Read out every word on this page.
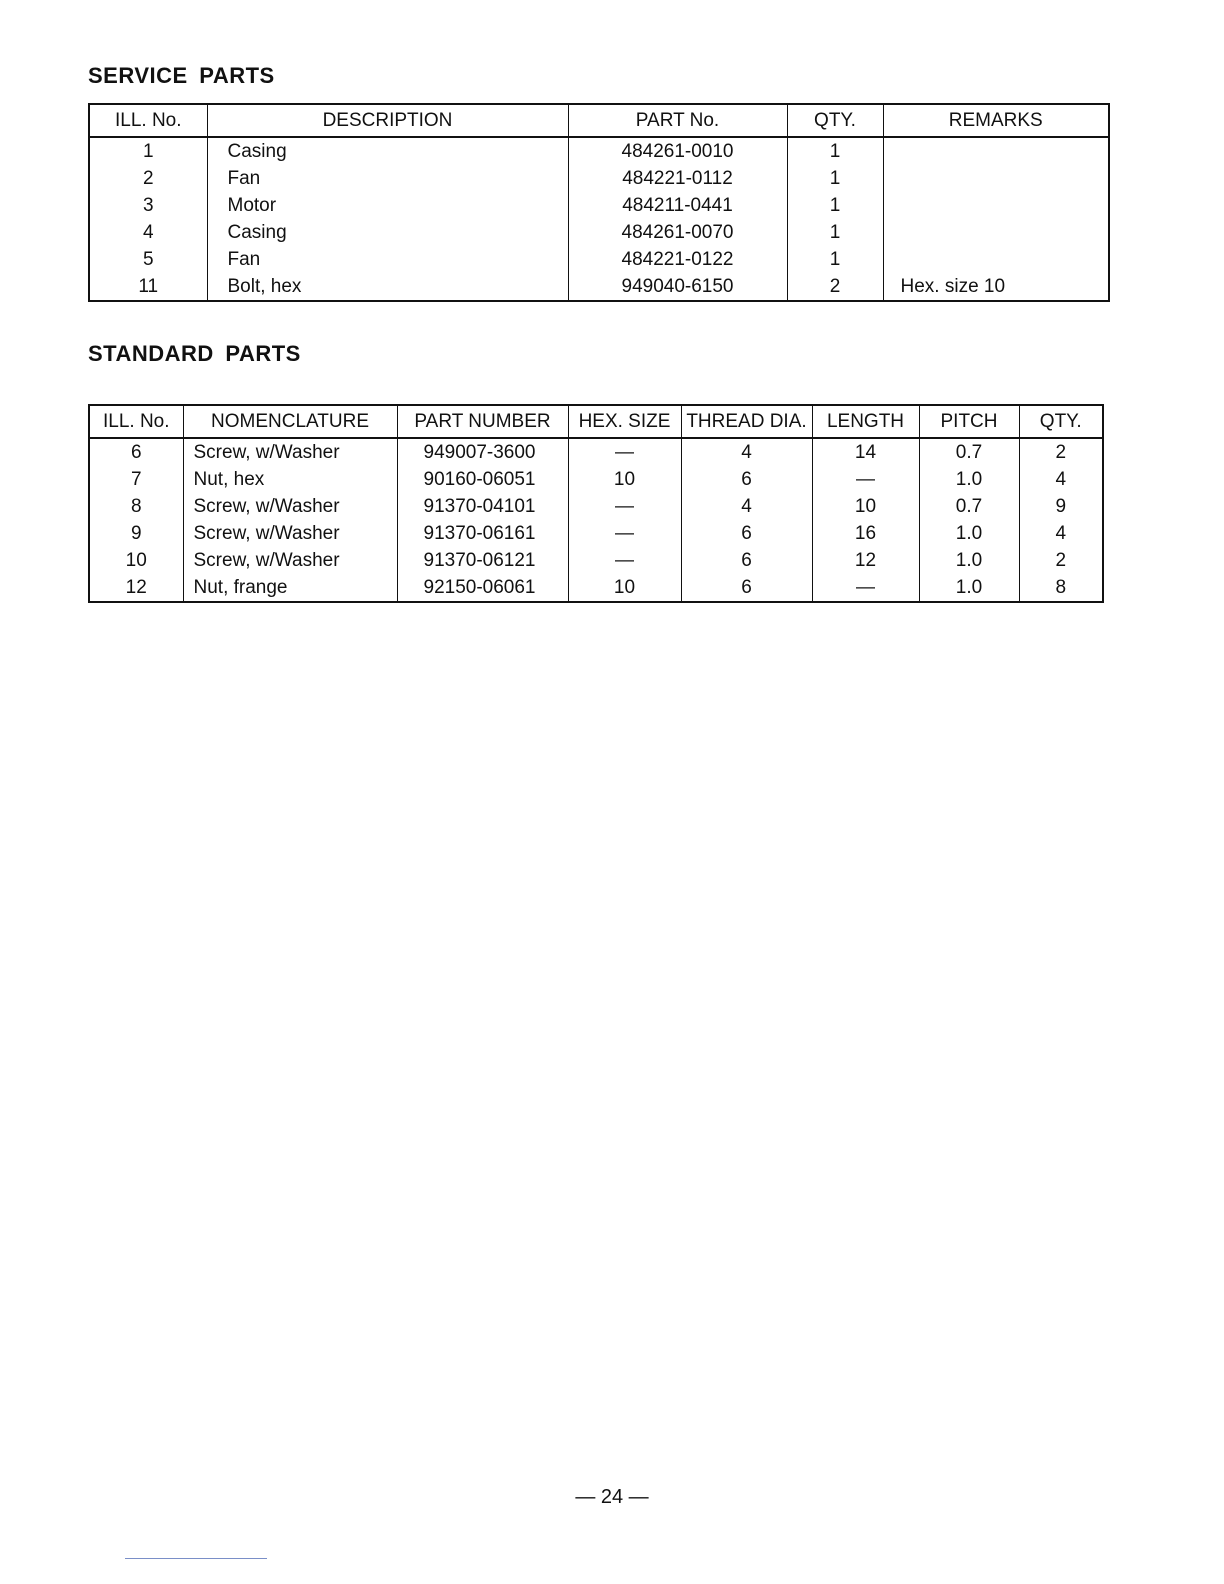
SERVICE PARTS
ILL. No.	DESCRIPTION	PART No.	QTY.	REMARKS
1	Casing	484261-0010	1	
2	Fan	484221-0112	1	
3	Motor	484211-0441	1	
4	Casing	484261-0070	1	
5	Fan	484221-0122	1	
11	Bolt, hex	949040-6150	2	Hex. size 10
STANDARD PARTS
ILL. No.	NOMENCLATURE	PART NUMBER	HEX. SIZE	THREAD DIA.	LENGTH	PITCH	QTY.
6	Screw, w/Washer	949007-3600	—	4	14	0.7	2
7	Nut, hex	90160-06051	10	6	—	1.0	4
8	Screw, w/Washer	91370-04101	—	4	10	0.7	9
9	Screw, w/Washer	91370-06161	—	6	16	1.0	4
10	Screw, w/Washer	91370-06121	—	6	12	1.0	2
12	Nut, frange	92150-06061	10	6	—	1.0	8

— 24 —
